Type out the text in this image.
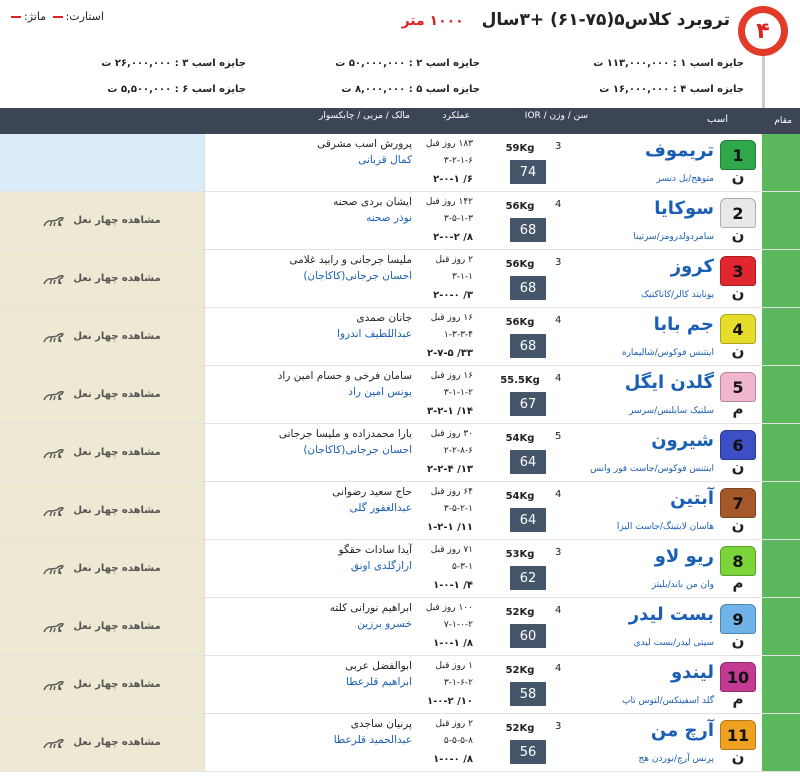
۴
تروبرد کلاس۵(۷۵-۶۱) +۳سال ۱۰۰۰ متر
استارت: ماتژ:
جایزه اسب ۱ : ۱۱۳,۰۰۰,۰۰۰ ت
جایزه اسب ۲ : ۵۰,۰۰۰,۰۰۰ ت
جایزه اسب ۳ : ۲۶,۰۰۰,۰۰۰ ت
جایزه اسب ۴ : ۱۶,۰۰۰,۰۰۰ ت
جایزه اسب ۵ : ۸,۰۰۰,۰۰۰ ت
جایزه اسب ۶ : ۵,۵۰۰,۰۰۰ ت
مقام
اسب
سن / وزن / IOR
عملکرد
مالک / مربی / چابکسوار
1
ن
تریموف
متوهج/بل دنسر
3
59Kg
74
۱۸۳ روز قبل
۳-۲-۱-۶
۶/ ۲-۰-۱
پرورش اسب مشرقی
کمال قربانی
2
ن
سوکایا
سامردولدرومز/سرتینا
4
56Kg
68
۱۴۲ روز قبل
۳-۵-۱-۳
۸/ ۲-۰-۲
ایشان بردی صحنه
نوذر صحنه
مشاهده چهار نعل
3
ن
کروز
یونایتد کالر/کاتاکتیک
3
56Kg
68
۲ روز قبل
۳-۱-۱
۳/ ۲-۰-۰
ملیسا جرجانی و رابید غلامی
احسان جرجانی(کاکاجان)
مشاهده چهار نعل
4
ن
جم بابا
اینتنس فوکوس/شالیماره
4
56Kg
68
۱۶ روز قبل
۱-۳-۳-۴
۳۳/ ۲-۷-۵
جانان صمدی
عبداللطیف اندروا
مشاهده چهار نعل
5
م
گلدن ایگل
سلتیک سایلنس/سرسر
4
55.5Kg
67
۱۶ روز قبل
۳-۱-۱-۲
۱۴/ ۳-۲-۱
سامان فرخی و حسام امین راد
یونس امین راد
مشاهده چهار نعل
6
ن
شیرون
اینتنس فوکوس/جاست فور وانس
5
54Kg
64
۳۰ روز قبل
۲-۲-۸-۶
۱۳/ ۲-۲-۴
یارا محمدزاده و ملیسا جرجانی
احسان جرجانی(کاکاجان)
مشاهده چهار نعل
7
ن
آبتین
هاسان لایتینگ/جاست الیزا
4
54Kg
64
۶۴ روز قبل
۳-۵-۲-۱
۱۱/ ۱-۲-۱
حاج سعید رضوانی
عبدالغفور گلی
مشاهده چهار نعل
8
م
ریو لاو
وان من باند/بلیتز
3
53Kg
62
۷۱ روز قبل
۵-۳-۱
۴/ ۱-۰-۱
آیدا سادات حقگو
ارازگلدی اونق
مشاهده چهار نعل
9
ن
بست لیدر
سیتی لیدر/بست لیدی
4
52Kg
60
۱۰۰ روز قبل
۷-۱-۰-۲
۸/ ۱-۰-۱
ابراهیم نورانی کلته
خسرو برزین
مشاهده چهار نعل
10
م
لیندو
گلد اسفینکس/لتوس تاپ
4
52Kg
58
۱ روز قبل
۳-۱-۶-۲
۱۰/ ۱-۰-۲
ابوالفضل عربی
ابراهیم قلرعطا
مشاهده چهار نعل
11
ن
آرچ من
پرنس آرچ/نوردن هج
3
52Kg
56
۲ روز قبل
۵-۵-۵-۸
۸/ ۱-۰-۰
پرنیان ساجدی
عبدالحمید قلرعطا
مشاهده چهار نعل
